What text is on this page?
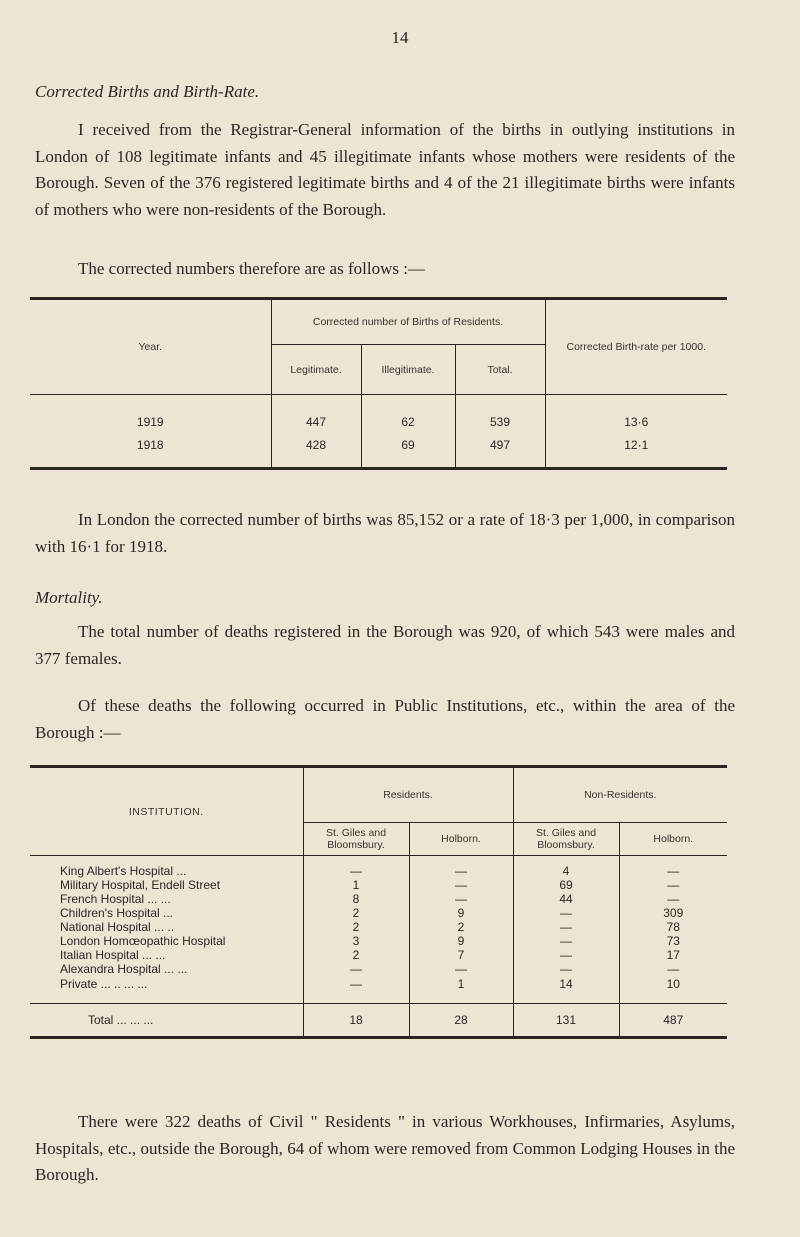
14
Corrected Births and Birth-Rate.
I received from the Registrar-General information of the births in outlying institutions in London of 108 legitimate infants and 45 illegitimate infants whose mothers were residents of the Borough. Seven of the 376 registered legitimate births and 4 of the 21 illegitimate births were infants of mothers who were non-residents of the Borough.
The corrected numbers therefore are as follows :—
Year.	Corrected number of Births of Residents.			Corrected Birth-rate per 1000.
	Legitimate.	Illegitimate.	Total.	
1919	447	62	539	13·6
1918	428	69	497	12·1
In London the corrected number of births was 85,152 or a rate of 18·3 per 1,000, in comparison with 16·1 for 1918.
Mortality.
The total number of deaths registered in the Borough was 920, of which 543 were males and 377 females.
Of these deaths the following occurred in Public Institutions, etc., within the area of the Borough :—
INSTITUTION.	Residents.		Non-Residents.	
	St. Giles and Bloomsbury.	Holborn.	St. Giles and Bloomsbury.	Holborn.

King Albert's Hospital ...	—	—	4	—
Military Hospital, Endell Street	1	—	69	—
French Hospital ... ...	8	—	44	—
Children's Hospital ...	2	9	—	309
National Hospital ... ..	2	2	—	78
London Homœopathic Hospital	3	9	—	73
Italian Hospital ... ...	2	7	—	17
Alexandra Hospital ... ...	—	—	—	—
Private ... .. ... ...	—	1	14	10

Total ... ... ...	18	28	131	487
There were 322 deaths of Civil " Residents " in various Workhouses, Infirmaries, Asylums, Hospitals, etc., outside the Borough, 64 of whom were removed from Common Lodging Houses in the Borough.
